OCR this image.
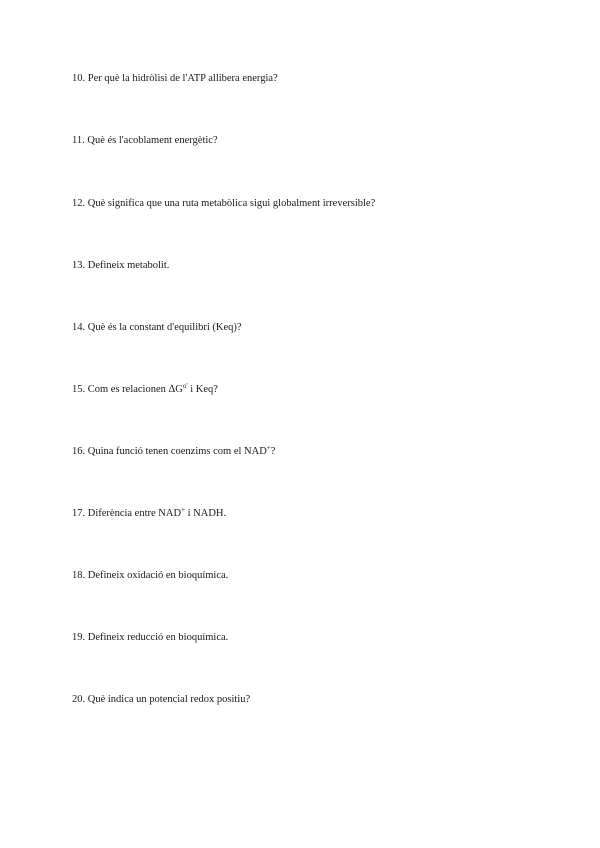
10. Per què la hidròlisi de l'ATP allibera energia?
11. Què és l'acoblament energètic?
12. Què significa que una ruta metabòlica sigui globalment irreversible?
13. Defineix metabolit.
14. Què és la constant d'equilibri (Keq)?
15. Com es relacionen $\Delta G^{o'}$ i Keq?
16. Quina funció tenen coenzims com el NAD+?
17. Diferència entre NAD+ i NADH.
18. Defineix oxidació en bioquímica.
19. Defineix reducció en bioquímica.
20. Què indica un potencial redox positiu?
